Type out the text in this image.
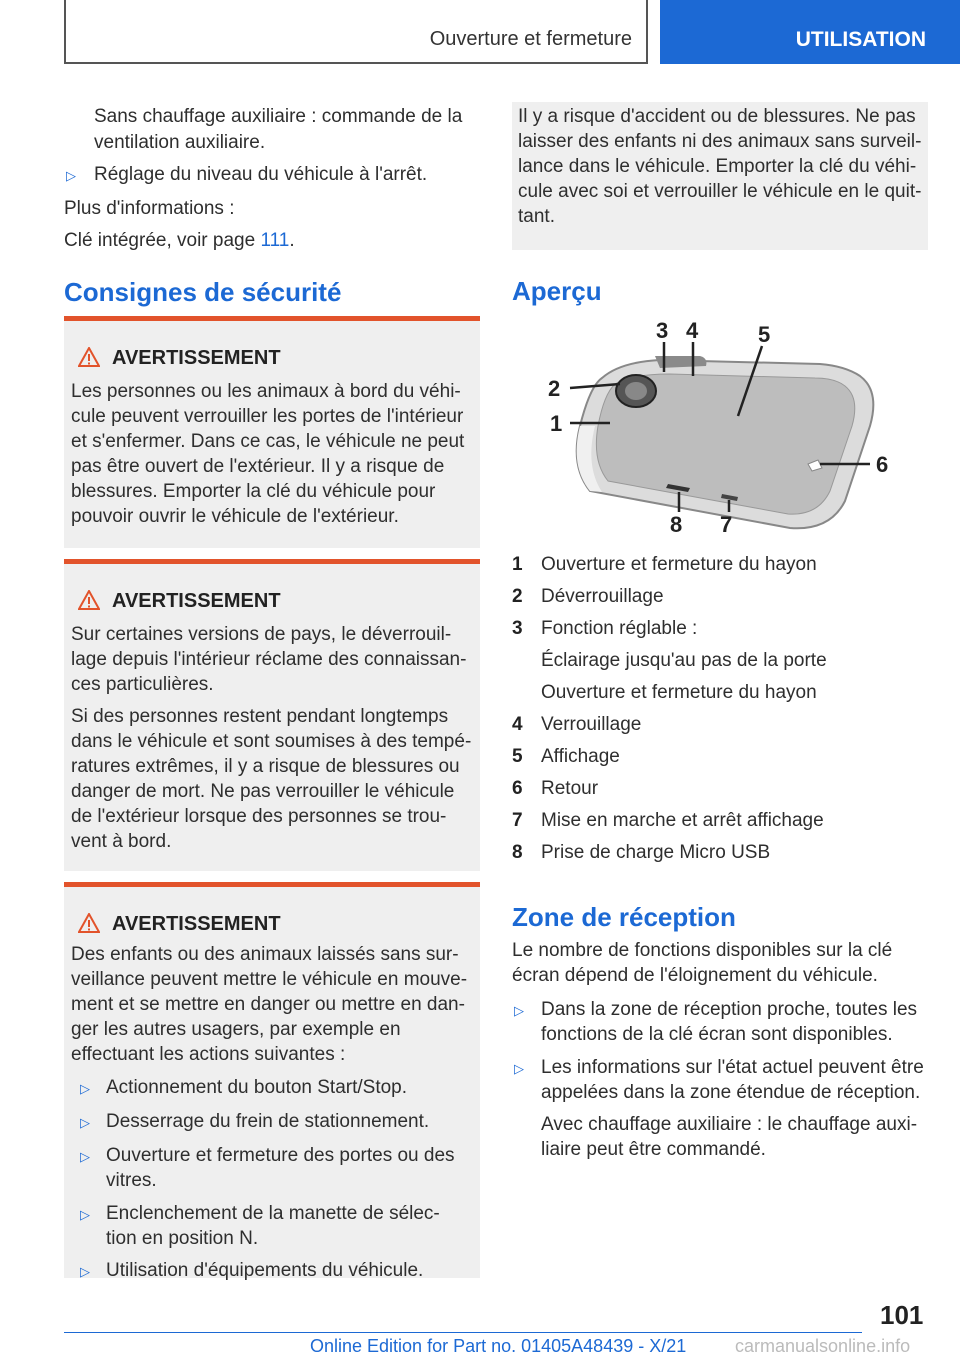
Ouverture et fermeture	UTILISATION
Sans chauffage auxiliaire : commande de la
ventilation auxiliaire.
▷ Réglage du niveau du véhicule à l'arrêt.
Plus d'informations :
Clé intégrée, voir page 111.
Consignes de sécurité
AVERTISSEMENT
Les personnes ou les animaux à bord du véhi-
cule peuvent verrouiller les portes de l'intérieur
et s'enfermer. Dans ce cas, le véhicule ne peut
pas être ouvert de l'extérieur. Il y a risque de
blessures. Emporter la clé du véhicule pour
pouvoir ouvrir le véhicule de l'extérieur.
AVERTISSEMENT
Sur certaines versions de pays, le déverrouil-
lage depuis l'intérieur réclame des connaissan-
ces particulières.
Si des personnes restent pendant longtemps
dans le véhicule et sont soumises à des tempé-
ratures extrêmes, il y a risque de blessures ou
danger de mort. Ne pas verrouiller le véhicule
de l'extérieur lorsque des personnes se trou-
vent à bord.
AVERTISSEMENT
Des enfants ou des animaux laissés sans sur-
veillance peuvent mettre le véhicule en mouve-
ment et se mettre en danger ou mettre en dan-
ger les autres usagers, par exemple en
effectuant les actions suivantes :
▷ Actionnement du bouton Start/Stop.
▷ Desserrage du frein de stationnement.
▷ Ouverture et fermeture des portes ou des
vitres.
▷ Enclenchement de la manette de sélec-
tion en position N.
▷ Utilisation d'équipements du véhicule.
Il y a risque d'accident ou de blessures. Ne pas
laisser des enfants ni des animaux sans surveil-
lance dans le véhicule. Emporter la clé du véhi-
cule avec soi et verrouiller le véhicule en le quit-
tant.
Aperçu
1
2
3 4	5
6
7
8
1 Ouverture et fermeture du hayon
2 Déverrouillage
3 Fonction réglable :
Éclairage jusqu'au pas de la porte
Ouverture et fermeture du hayon
4 Verrouillage
5 Affichage
6 Retour
7 Mise en marche et arrêt affichage
8 Prise de charge Micro USB
Zone de réception
Le nombre de fonctions disponibles sur la clé
écran dépend de l'éloignement du véhicule.
▷ Dans la zone de réception proche, toutes les
fonctions de la clé écran sont disponibles.
▷ Les informations sur l'état actuel peuvent être
appelées dans la zone étendue de réception.
Avec chauffage auxiliaire : le chauffage auxi-
liaire peut être commandé.
101
Online Edition for Part no. 01405A48439 - X/21	carmanualsonline.info
